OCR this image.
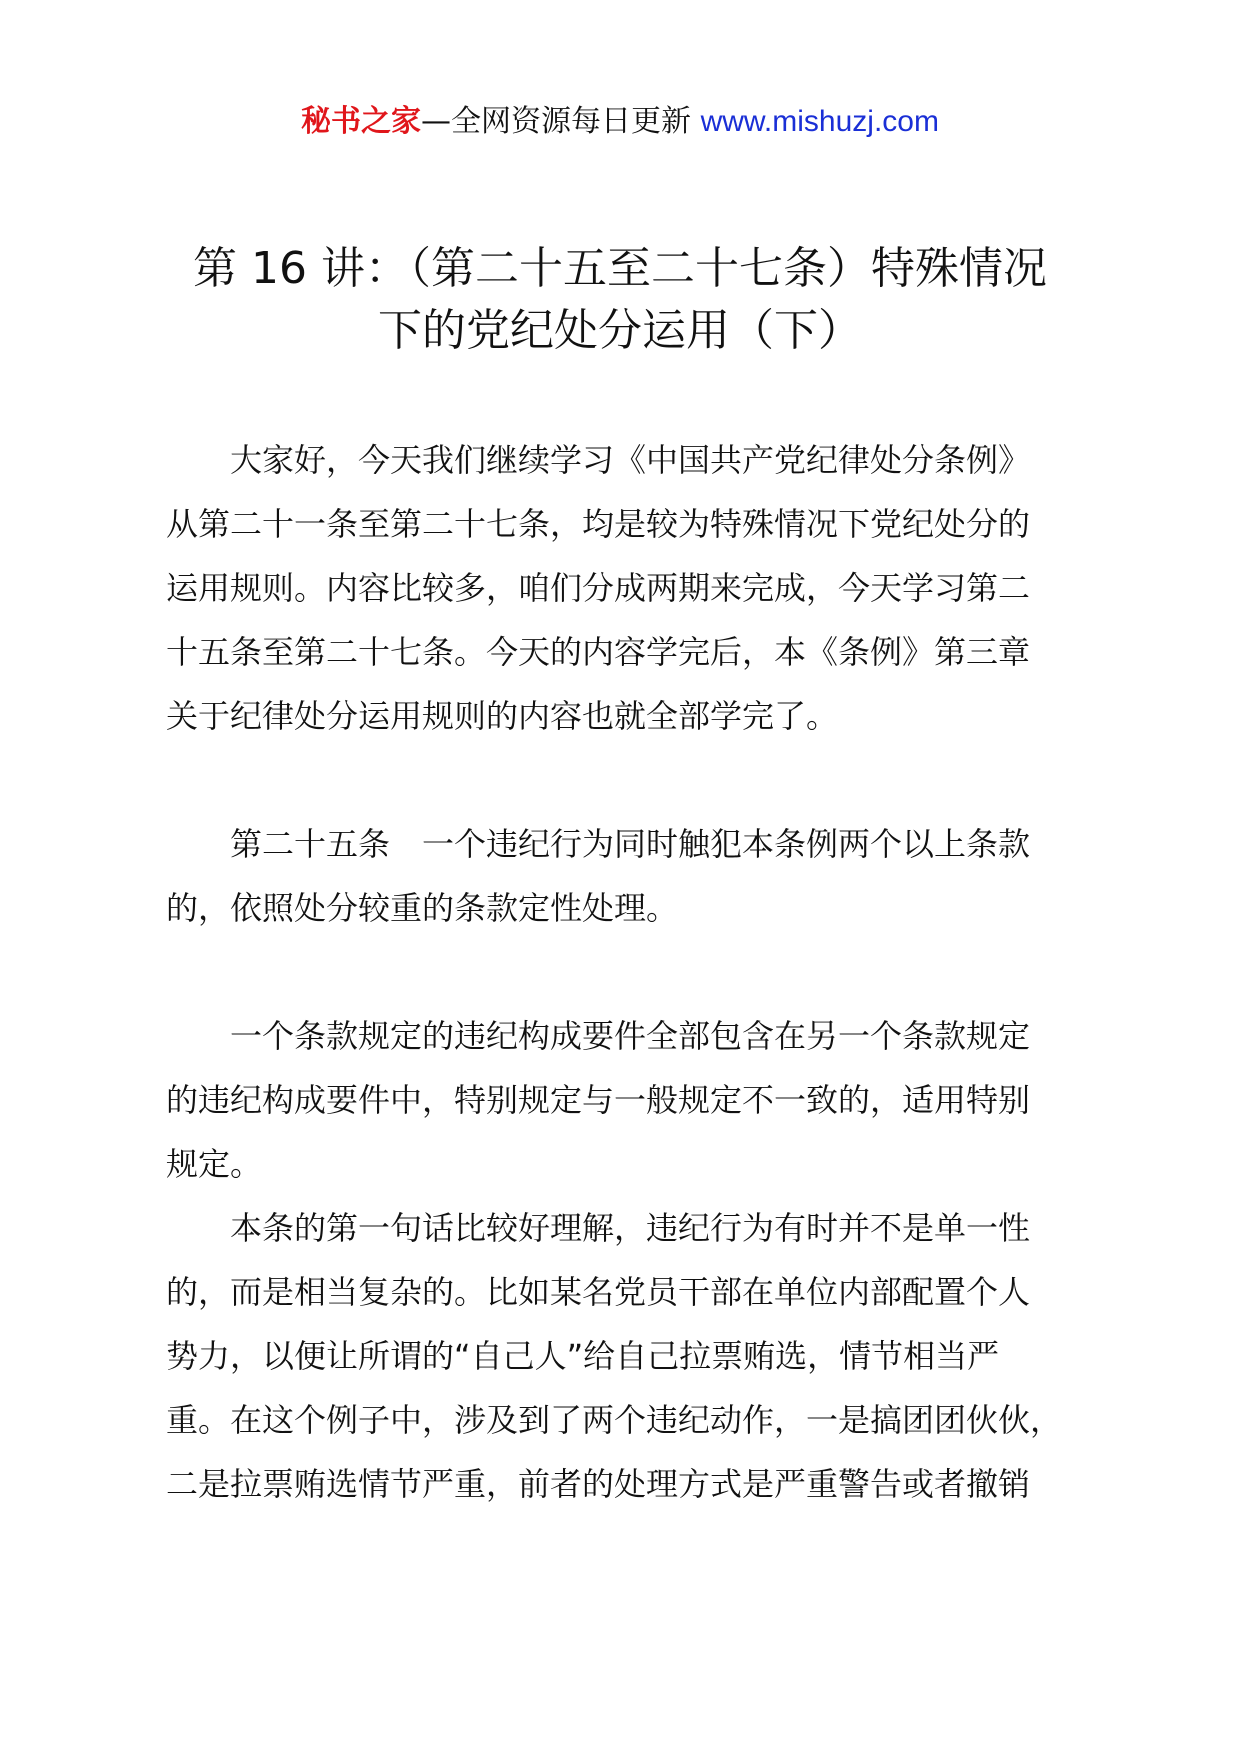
秘书之家—全网资源每日更新 www.mishuzj.com
第 16 讲：（第二十五至二十七条）特殊情况
下的党纪处分运用（下）

大家好，今天我们继续学习《中国共产党纪律处分条例》
从第二十一条至第二十七条，均是较为特殊情况下党纪处分的
运用规则。内容比较多，咱们分成两期来完成，今天学习第二
十五条至第二十七条。今天的内容学完后，本《条例》第三章
关于纪律处分运用规则的内容也就全部学完了。

第二十五条　一个违纪行为同时触犯本条例两个以上条款
的，依照处分较重的条款定性处理。

一个条款规定的违纪构成要件全部包含在另一个条款规定
的违纪构成要件中，特别规定与一般规定不一致的，适用特别
规定。

本条的第一句话比较好理解，违纪行为有时并不是单一性
的，而是相当复杂的。比如某名党员干部在单位内部配置个人
势力，以便让所谓的“自己人”给自己拉票贿选，情节相当严
重。在这个例子中，涉及到了两个违纪动作，一是搞团团伙伙，
二是拉票贿选情节严重，前者的处理方式是严重警告或者撤销
